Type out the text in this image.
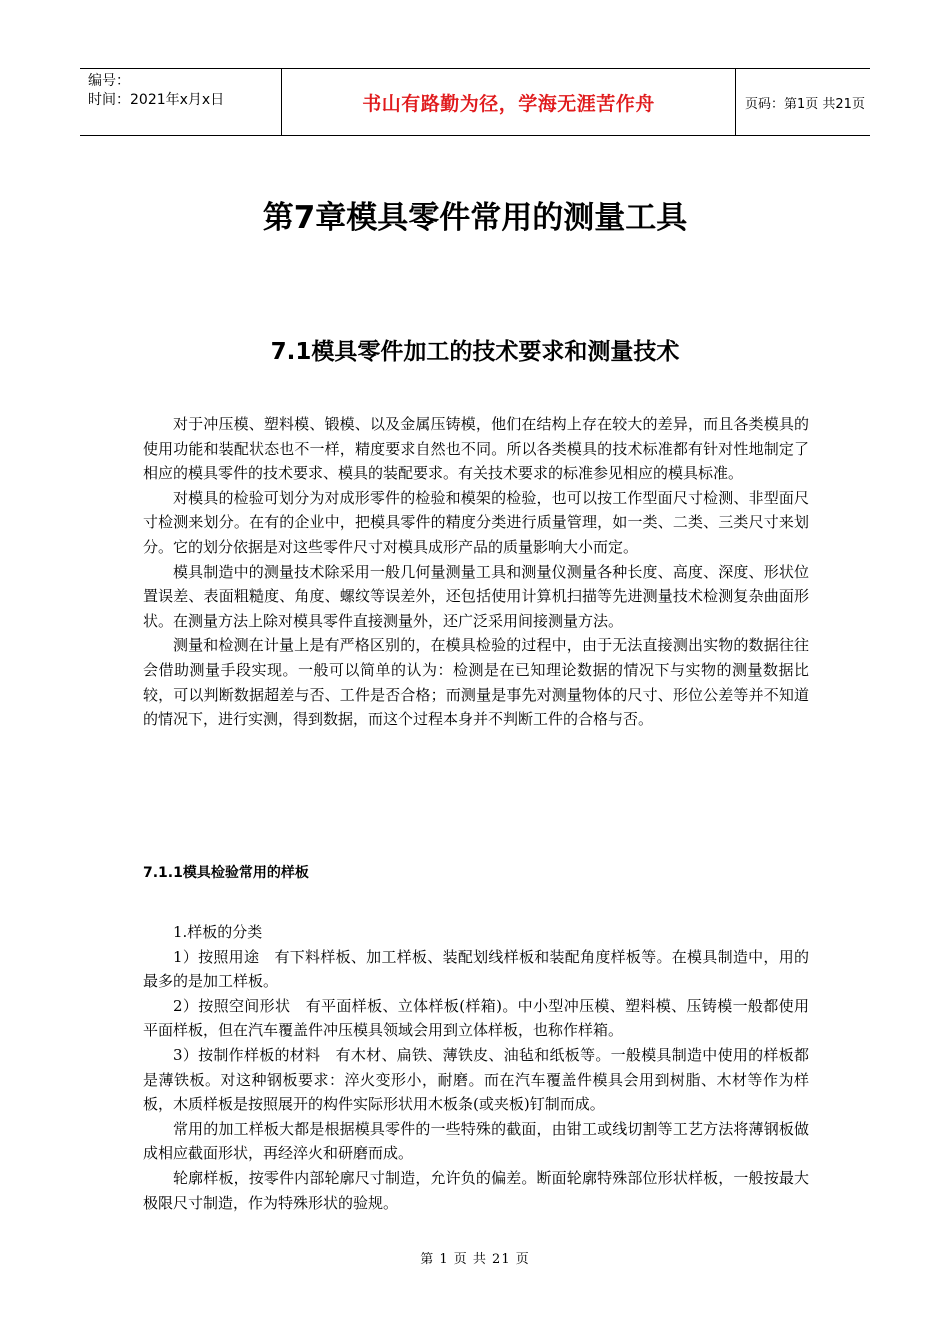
编号：
时间：2021年x月x日	书山有路勤为径，学海无涯苦作舟	页码：第1页 共21页
第7章模具零件常用的测量工具
7.1模具零件加工的技术要求和测量技术

对于冲压模、塑料模、锻模、以及金属压铸模，他们在结构上存在较大的差异，而且各类模具的使用功能和装配状态也不一样，精度要求自然也不同。所以各类模具的技术标准都有针对性地制定了相应的模具零件的技术要求、模具的装配要求。有关技术要求的标准参见相应的模具标准。

对模具的检验可划分为对成形零件的检验和模架的检验，也可以按工作型面尺寸检测、非型面尺寸检测来划分。在有的企业中，把模具零件的精度分类进行质量管理，如一类、二类、三类尺寸来划分。它的划分依据是对这些零件尺寸对模具成形产品的质量影响大小而定。

模具制造中的测量技术除采用一般几何量测量工具和测量仪测量各种长度、高度、深度、形状位置误差、表面粗糙度、角度、螺纹等误差外，还包括使用计算机扫描等先进测量技术检测复杂曲面形状。在测量方法上除对模具零件直接测量外，还广泛采用间接测量方法。

测量和检测在计量上是有严格区别的，在模具检验的过程中，由于无法直接测出实物的数据往往会借助测量手段实现。一般可以简单的认为：检测是在已知理论数据的情况下与实物的测量数据比较，可以判断数据超差与否、工件是否合格；而测量是事先对测量物体的尺寸、形位公差等并不知道的情况下，进行实测，得到数据，而这个过程本身并不判断工件的合格与否。

7.1.1模具检验常用的样板

1.样板的分类

1）按照用途　有下料样板、加工样板、装配划线样板和装配角度样板等。在模具制造中，用的最多的是加工样板。

2）按照空间形状　有平面样板、立体样板(样箱)。中小型冲压模、塑料模、压铸模一般都使用平面样板，但在汽车覆盖件冲压模具领域会用到立体样板，也称作样箱。

3）按制作样板的材料　有木材、扁铁、薄铁皮、油毡和纸板等。一般模具制造中使用的样板都是薄铁板。对这种钢板要求：淬火变形小，耐磨。而在汽车覆盖件模具会用到树脂、木材等作为样板，木质样板是按照展开的构件实际形状用木板条(或夹板)钉制而成。

常用的加工样板大都是根据模具零件的一些特殊的截面，由钳工或线切割等工艺方法将薄钢板做成相应截面形状，再经淬火和研磨而成。

轮廓样板，按零件内部轮廓尺寸制造，允许负的偏差。断面轮廓特殊部位形状样板，一般按最大极限尺寸制造，作为特殊形状的验规。

第 1 页 共 21 页
